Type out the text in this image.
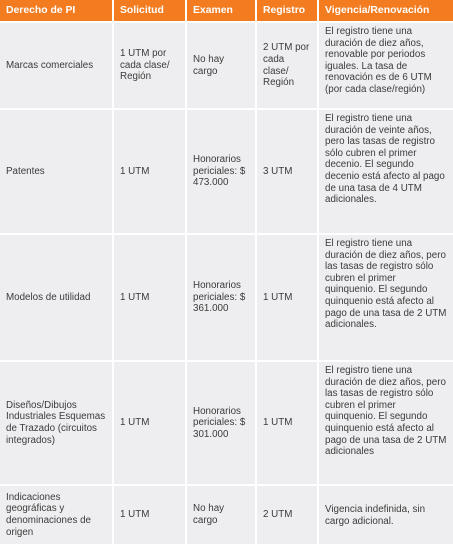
Derecho de PI	Solicitud	Examen	Registro	Vigencia/Renovación
Marcas comerciales	1 UTM por cada clase/ Región	No hay cargo	2 UTM por cada clase/ Región	El registro tiene una duración de diez años, renovable por periodos iguales. La tasa de renovación es de 6 UTM (por cada clase/región)
Patentes	1 UTM	Honorarios periciales: $ 473.000	3 UTM	El registro tiene una duración de veinte años, pero las tasas de registro sólo cubren el primer decenio. El segundo decenio está afecto al pago de una tasa de 4 UTM adicionales.
Modelos de utilidad	1 UTM	Honorarios periciales: $ 361.000	1 UTM	El registro tiene una duración de diez años, pero las tasas de registro sólo cubren el primer quinquenio. El segundo quinquenio está afecto al pago de una tasa de 2 UTM adicionales.
Diseños/Dibujos Industriales Esquemas de Trazado (circuitos integrados)	1 UTM	Honorarios periciales: $ 301.000	1 UTM	El registro tiene una duración de diez años, pero las tasas de registro sólo cubren el primer quinquenio. El segundo quinquenio está afecto al pago de una tasa de 2 UTM adicionales
Indicaciones geográficas y denominaciones de origen	1 UTM	No hay cargo	2 UTM	Vigencia indefinida, sin cargo adicional.
